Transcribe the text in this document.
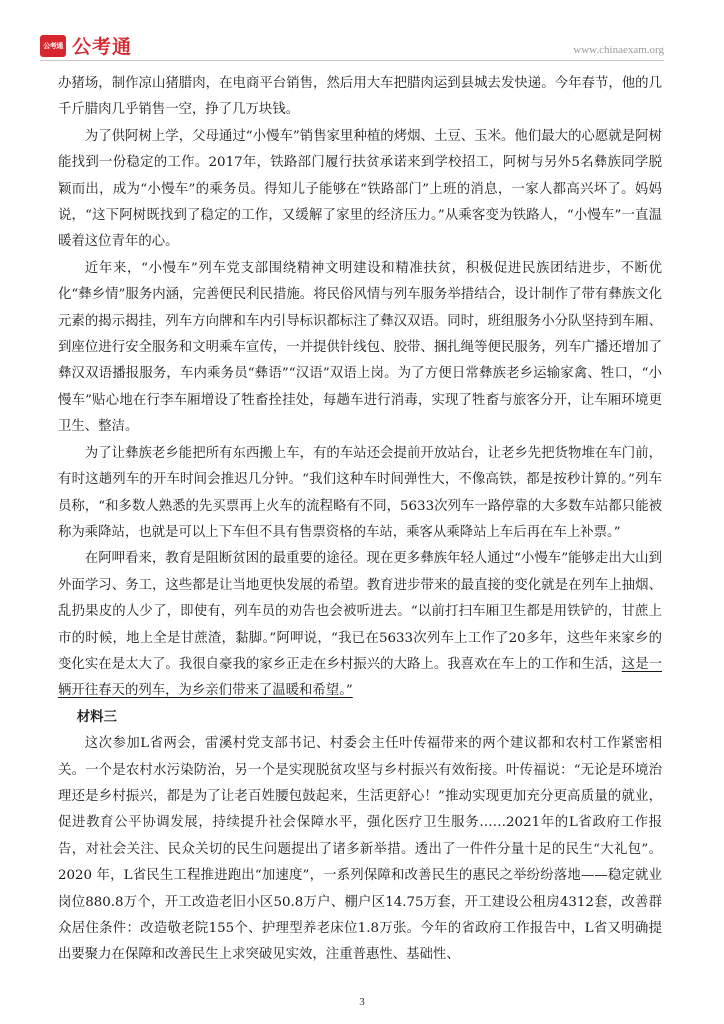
公考通 公考通	www.chinaexam.org

办猪场，制作凉山猪腊肉，在电商平台销售，然后用大车把腊肉运到县城去发快递。今年春节，他的几千斤腊肉几乎销售一空，挣了几万块钱。

为了供阿树上学，父母通过“小慢车”销售家里种植的烤烟、土豆、玉米。他们最大的心愿就是阿树能找到一份稳定的工作。2017年，铁路部门履行扶贫承诺来到学校招工，阿树与另外5名彝族同学脱颖而出，成为“小慢车”的乘务员。得知儿子能够在“铁路部门”上班的消息，一家人都高兴坏了。妈妈说，“这下阿树既找到了稳定的工作，又缓解了家里的经济压力。”从乘客变为铁路人，“小慢车”一直温暖着这位青年的心。

近年来，“小慢车”列车党支部围绕精神文明建设和精准扶贫，积极促进民族团结进步，不断优化“彝乡情”服务内涵，完善便民利民措施。将民俗风情与列车服务举措结合，设计制作了带有彝族文化元素的揭示揭挂，列车方向牌和车内引导标识都标注了彝汉双语。同时，班组服务小分队坚持到车厢、到座位进行安全服务和文明乘车宣传，一并提供针线包、胶带、捆扎绳等便民服务，列车广播还增加了彝汉双语播报服务，车内乘务员“彝语”“汉语”双语上岗。为了方便日常彝族老乡运输家禽、牲口，“小慢车”贴心地在行李车厢增设了牲畜拴挂处，每趟车进行消毒，实现了牲畜与旅客分开，让车厢环境更卫生、整洁。

为了让彝族老乡能把所有东西搬上车，有的车站还会提前开放站台，让老乡先把货物堆在车门前，有时这趟列车的开车时间会推迟几分钟。“我们这种车时间弹性大，不像高铁，都是按秒计算的。”列车员称，“和多数人熟悉的先买票再上火车的流程略有不同，5633次列车一路停靠的大多数车站都只能被称为乘降站，也就是可以上下车但不具有售票资格的车站，乘客从乘降站上车后再在车上补票。”

在阿呷看来，教育是阻断贫困的最重要的途径。现在更多彝族年轻人通过“小慢车”能够走出大山到外面学习、务工，这些都是让当地更快发展的希望。教育进步带来的最直接的变化就是在列车上抽烟、乱扔果皮的人少了，即使有，列车员的劝告也会被听进去。“以前打扫车厢卫生都是用铁铲的，甘蔗上市的时候，地上全是甘蔗渣，黏脚。”阿呷说，“我已在5633次列车上工作了20多年，这些年来家乡的变化实在是太大了。我很自豪我的家乡正走在乡村振兴的大路上。我喜欢在车上的工作和生活，这是一辆开往春天的列车，为乡亲们带来了温暖和希望。”

材料三

这次参加L省两会，雷溪村党支部书记、村委会主任叶传福带来的两个建议都和农村工作紧密相关。一个是农村水污染防治，另一个是实现脱贫攻坚与乡村振兴有效衔接。叶传福说：“无论是环境治理还是乡村振兴，都是为了让老百姓腰包鼓起来，生活更舒心！”推动实现更加充分更高质量的就业，促进教育公平协调发展，持续提升社会保障水平，强化医疗卫生服务……2021年的L省政府工作报告，对社会关注、民众关切的民生问题提出了诸多新举措。透出了一件件分量十足的民生“大礼包”。2020 年，L省民生工程推进跑出“加速度”，一系列保障和改善民生的惠民之举纷纷落地——稳定就业岗位880.8万个，开工改造老旧小区50.8万户、棚户区14.75万套，开工建设公租房4312套，改善群众居住条件：改造敬老院155个、护理型养老床位1.8万张。今年的省政府工作报告中，L省又明确提出要聚力在保障和改善民生上求突破见实效，注重普惠性、基础性、

3
